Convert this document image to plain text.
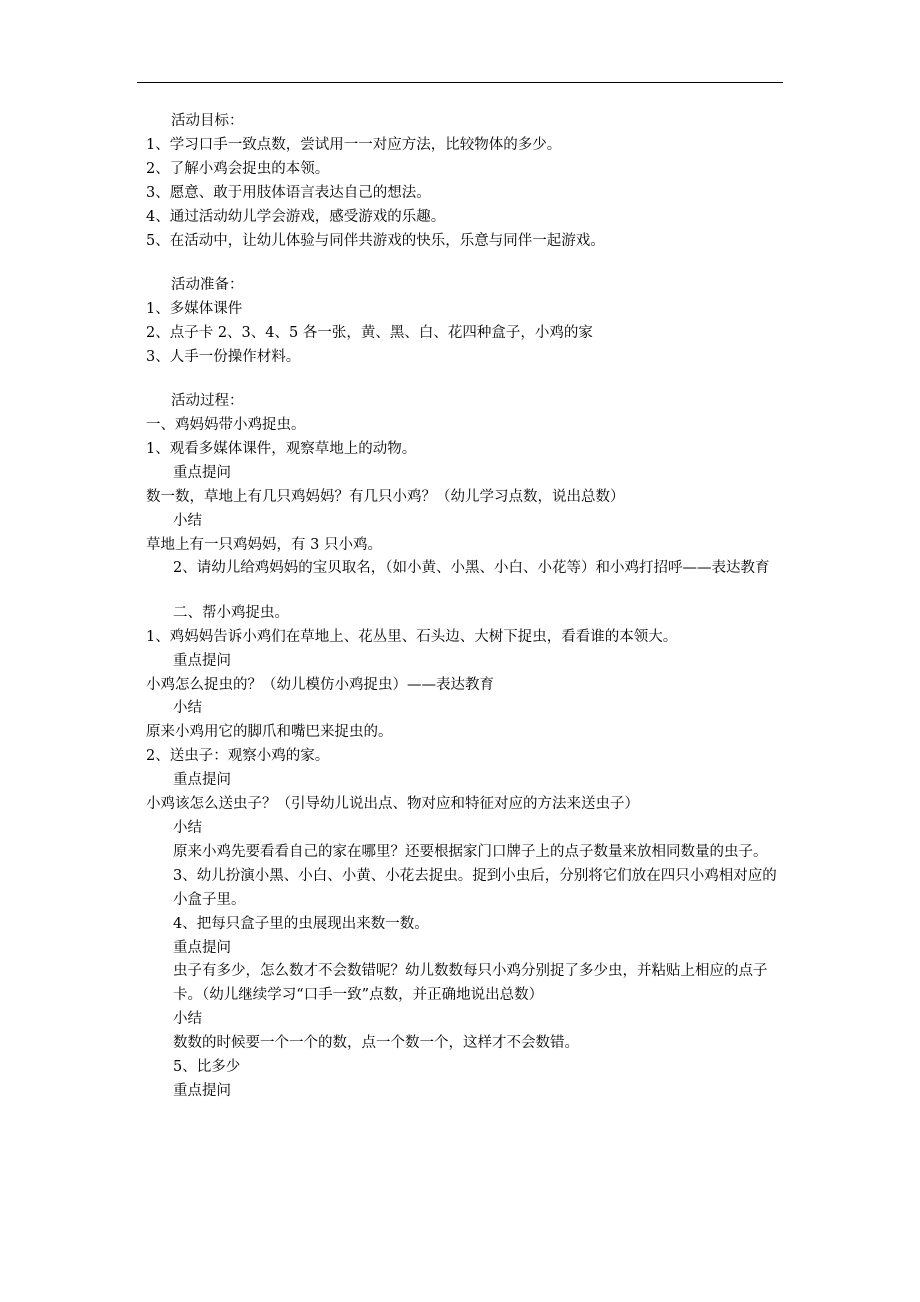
活动目标：
1、学习口手一致点数，尝试用一一对应方法，比较物体的多少。
2、了解小鸡会捉虫的本领。
3、愿意、敢于用肢体语言表达自己的想法。
4、通过活动幼儿学会游戏，感受游戏的乐趣。
5、在活动中，让幼儿体验与同伴共游戏的快乐，乐意与同伴一起游戏。
活动准备：
1、多媒体课件
2、点子卡 2、3、4、5 各一张，黄、黑、白、花四种盒子，小鸡的家
3、人手一份操作材料。
活动过程：
一、鸡妈妈带小鸡捉虫。
1、观看多媒体课件，观察草地上的动物。
重点提问
数一数，草地上有几只鸡妈妈？有几只小鸡？（幼儿学习点数，说出总数）
小结
草地上有一只鸡妈妈，有 3 只小鸡。
2、请幼儿给鸡妈妈的宝贝取名，（如小黄、小黑、小白、小花等）和小鸡打招呼——表达教育
二、帮小鸡捉虫。
1、鸡妈妈告诉小鸡们在草地上、花丛里、石头边、大树下捉虫，看看谁的本领大。
重点提问
小鸡怎么捉虫的？（幼儿模仿小鸡捉虫）——表达教育
小结
原来小鸡用它的脚爪和嘴巴来捉虫的。
2、送虫子：观察小鸡的家。
重点提问
小鸡该怎么送虫子？（引导幼儿说出点、物对应和特征对应的方法来送虫子）
小结
原来小鸡先要看看自己的家在哪里？还要根据家门口牌子上的点子数量来放相同数量的虫子。
3、幼儿扮演小黑、小白、小黄、小花去捉虫。捉到小虫后，分别将它们放在四只小鸡相对应的小盒子里。
4、把每只盒子里的虫展现出来数一数。
重点提问
虫子有多少，怎么数才不会数错呢？幼儿数数每只小鸡分别捉了多少虫，并粘贴上相应的点子卡。（幼儿继续学习“口手一致”点数，并正确地说出总数）
小结
数数的时候要一个一个的数，点一个数一个，这样才不会数错。
5、比多少
重点提问
